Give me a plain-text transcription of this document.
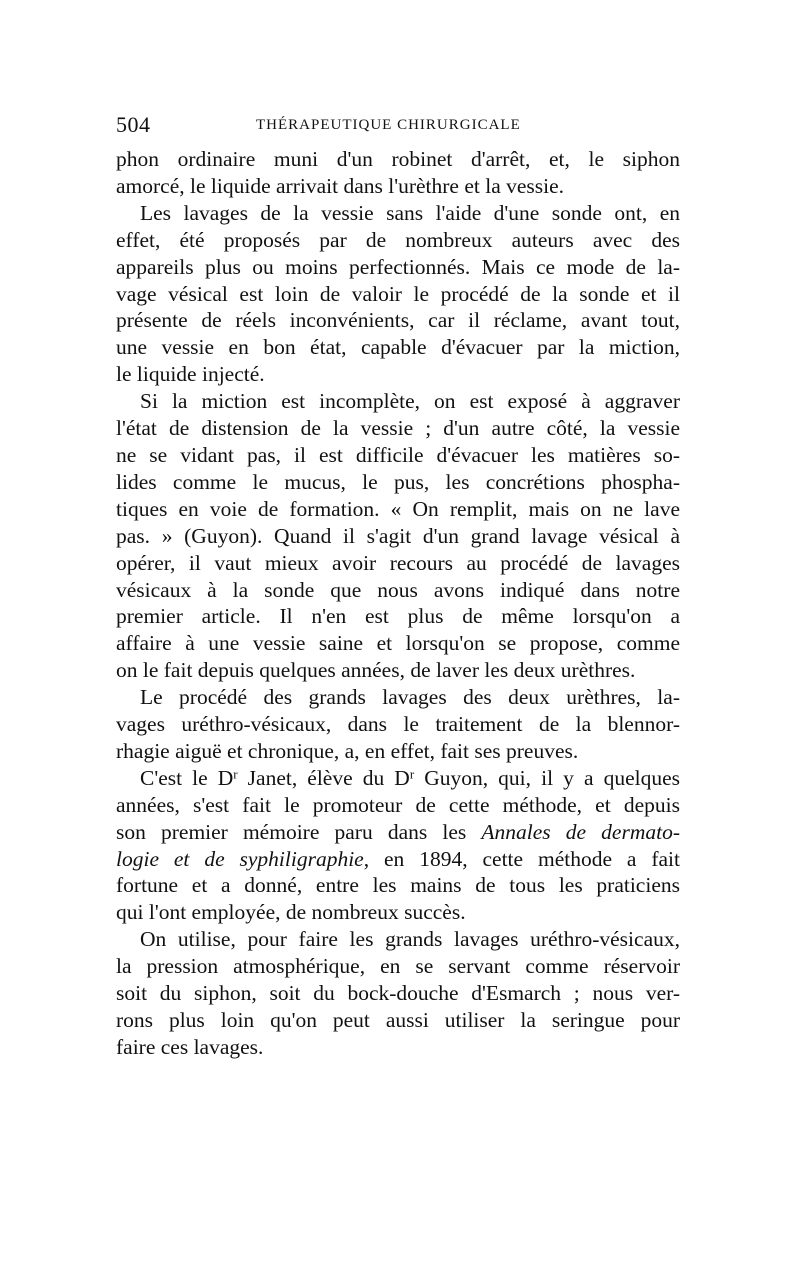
504	THÉRAPEUTIQUE CHIRURGICALE
phon ordinaire muni d'un robinet d'arrêt, et, le siphon
amorcé, le liquide arrivait dans l'urèthre et la vessie.
Les lavages de la vessie sans l'aide d'une sonde ont, en
effet, été proposés par de nombreux auteurs avec des
appareils plus ou moins perfectionnés. Mais ce mode de la-
vage vésical est loin de valoir le procédé de la sonde et il
présente de réels inconvénients, car il réclame, avant tout,
une vessie en bon état, capable d'évacuer par la miction,
le liquide injecté.
Si la miction est incomplète, on est exposé à aggraver
l'état de distension de la vessie ; d'un autre côté, la vessie
ne se vidant pas, il est difficile d'évacuer les matières so-
lides comme le mucus, le pus, les concrétions phospha-
tiques en voie de formation. « On remplit, mais on ne lave
pas. » (Guyon). Quand il s'agit d'un grand lavage vésical à
opérer, il vaut mieux avoir recours au procédé de lavages
vésicaux à la sonde que nous avons indiqué dans notre
premier article. Il n'en est plus de même lorsqu'on a
affaire à une vessie saine et lorsqu'on se propose, comme
on le fait depuis quelques années, de laver les deux urèthres.
Le procédé des grands lavages des deux urèthres, la-
vages uréthro-vésicaux, dans le traitement de la blennor-
rhagie aiguë et chronique, a, en effet, fait ses preuves.
C'est le $D^r$ Janet, élève du $D^r$ Guyon, qui, il y a quelques
années, s'est fait le promoteur de cette méthode, et depuis
son premier mémoire paru dans les Annales de dermato-
logie et de syphiligraphie, en 1894, cette méthode a fait
fortune et a donné, entre les mains de tous les praticiens
qui l'ont employée, de nombreux succès.
On utilise, pour faire les grands lavages uréthro-vésicaux,
la pression atmosphérique, en se servant comme réservoir
soit du siphon, soit du bock-douche d'Esmarch ; nous ver-
rons plus loin qu'on peut aussi utiliser la seringue pour
faire ces lavages.
